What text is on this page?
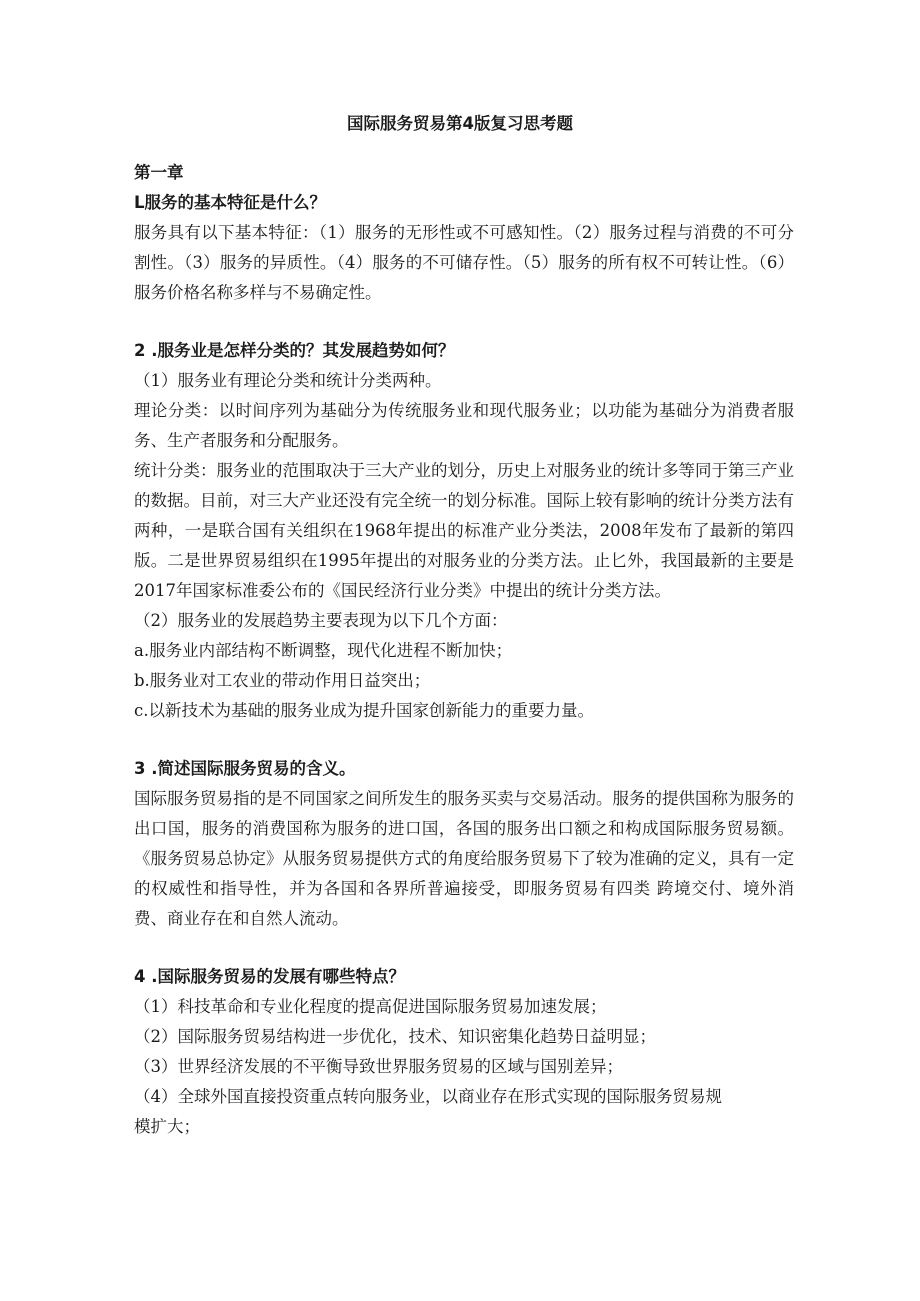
国际服务贸易第4版复习思考题
第一章
L服务的基本特征是什么？
服务具有以下基本特征：（1）服务的无形性或不可感知性。（2）服务过程与消费的不可分割性。（3）服务的异质性。（4）服务的不可储存性。（5）服务的所有权不可转让性。（6）服务价格名称多样与不易确定性。
2 .服务业是怎样分类的？其发展趋势如何？
（1）服务业有理论分类和统计分类两种。
理论分类：以时间序列为基础分为传统服务业和现代服务业；以功能为基础分为消费者服务、生产者服务和分配服务。
统计分类：服务业的范围取决于三大产业的划分，历史上对服务业的统计多等同于第三产业的数据。目前，对三大产业还没有完全统一的划分标准。国际上较有影响的统计分类方法有两种，一是联合国有关组织在1968年提出的标准产业分类法，2008年发布了最新的第四版。二是世界贸易组织在1995年提出的对服务业的分类方法。止匕外，我国最新的主要是2017年国家标准委公布的《国民经济行业分类》中提出的统计分类方法。
（2）服务业的发展趋势主要表现为以下几个方面：
a.服务业内部结构不断调整，现代化进程不断加快；
b.服务业对工农业的带动作用日益突出；
c.以新技术为基础的服务业成为提升国家创新能力的重要力量。
3 .简述国际服务贸易的含义。
国际服务贸易指的是不同国家之间所发生的服务买卖与交易活动。服务的提供国称为服务的出口国，服务的消费国称为服务的进口国，各国的服务出口额之和构成国际服务贸易额。《服务贸易总协定》从服务贸易提供方式的角度给服务贸易下了较为准确的定义，具有一定的权威性和指导性，并为各国和各界所普遍接受，即服务贸易有四类 跨境交付、境外消费、商业存在和自然人流动。
4 .国际服务贸易的发展有哪些特点？
（1）科技革命和专业化程度的提高促进国际服务贸易加速发展；
（2）国际服务贸易结构进一步优化，技术、知识密集化趋势日益明显；
（3）世界经济发展的不平衡导致世界服务贸易的区域与国别差异；
（4）全球外国直接投资重点转向服务业，以商业存在形式实现的国际服务贸易规
模扩大；
